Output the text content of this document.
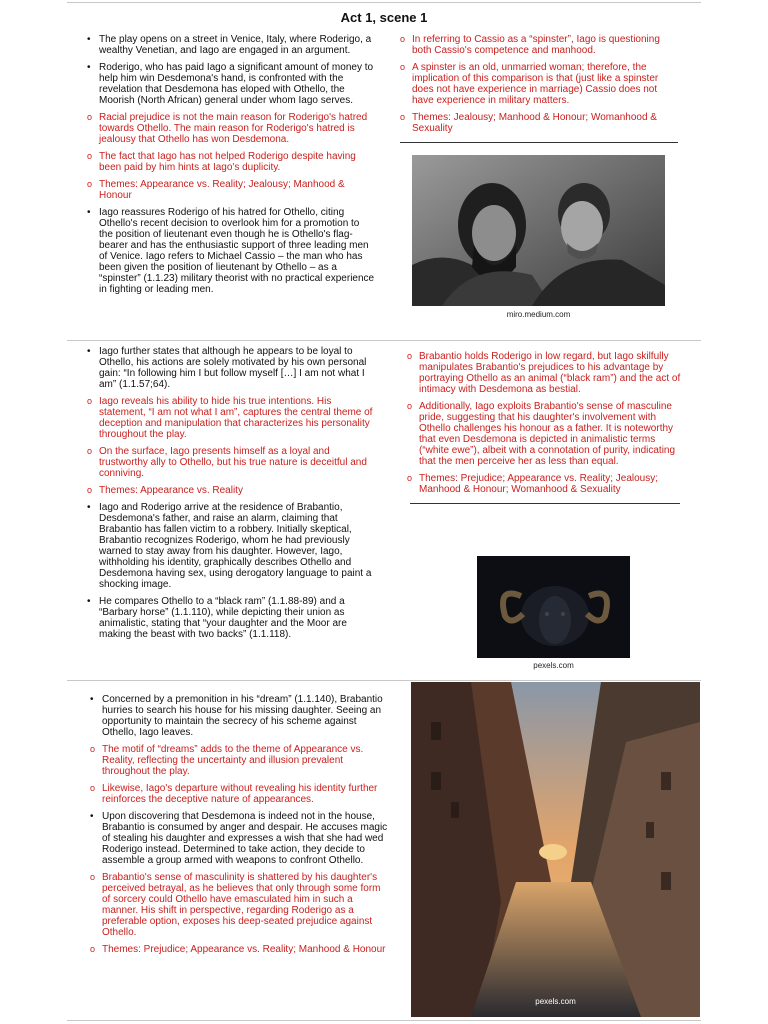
Act 1, scene 1
• The play opens on a street in Venice, Italy, where Roderigo, a wealthy Venetian, and Iago are engaged in an argument.
• Roderigo, who has paid Iago a significant amount of money to help him win Desdemona's hand, is confronted with the revelation that Desdemona has eloped with Othello, the Moorish (North African) general under whom Iago serves.
o Racial prejudice is not the main reason for Roderigo's hatred towards Othello. The main reason for Roderigo's hatred is jealousy that Othello has won Desdemona.
o The fact that Iago has not helped Roderigo despite having been paid by him hints at Iago's duplicity.
o Themes: Appearance vs. Reality; Jealousy; Manhood & Honour
• Iago reassures Roderigo of his hatred for Othello, citing Othello's recent decision to overlook him for a promotion to the position of lieutenant even though he is Othello's flag-bearer and has the enthusiastic support of three leading men of Venice. Iago refers to Michael Cassio – the man who has been given the position of lieutenant by Othello – as a “spinster” (1.1.23) military theorist with no practical experience in fighting or leading men.
o In referring to Cassio as a “spinster”, Iago is questioning both Cassio's competence and manhood.
o A spinster is an old, unmarried woman; therefore, the implication of this comparison is that (just like a spinster does not have experience in marriage) Cassio does not have experience in military matters.
o Themes: Jealousy; Manhood & Honour; Womanhood & Sexuality
miro.medium.com
• Iago further states that although he appears to be loyal to Othello, his actions are solely motivated by his own personal gain: “In following him I but follow myself […] I am not what I am” (1.1.57;64).
o Iago reveals his ability to hide his true intentions. His statement, “I am not what I am”, captures the central theme of deception and manipulation that characterizes his personality throughout the play.
o On the surface, Iago presents himself as a loyal and trustworthy ally to Othello, but his true nature is deceitful and conniving.
o Themes: Appearance vs. Reality
• Iago and Roderigo arrive at the residence of Brabantio, Desdemona's father, and raise an alarm, claiming that Brabantio has fallen victim to a robbery. Initially skeptical, Brabantio recognizes Roderigo, whom he had previously warned to stay away from his daughter. However, Iago, withholding his identity, graphically describes Othello and Desdemona having sex, using derogatory language to paint a shocking image.
• He compares Othello to a “black ram” (1.1.88-89) and a “Barbary horse” (1.1.110), while depicting their union as animalistic, stating that “your daughter and the Moor are making the beast with two backs” (1.1.118).
o Brabantio holds Roderigo in low regard, but Iago skilfully manipulates Brabantio's prejudices to his advantage by portraying Othello as an animal (“black ram”) and the act of intimacy with Desdemona as bestial.
o Additionally, Iago exploits Brabantio's sense of masculine pride, suggesting that his daughter's involvement with Othello challenges his honour as a father. It is noteworthy that even Desdemona is depicted in animalistic terms (“white ewe”), albeit with a connotation of purity, indicating that the men perceive her as less than equal.
o Themes: Prejudice; Appearance vs. Reality; Jealousy; Manhood & Honour; Womanhood & Sexuality
pexels.com
• Concerned by a premonition in his “dream” (1.1.140), Brabantio hurries to search his house for his missing daughter. Seeing an opportunity to maintain the secrecy of his scheme against Othello, Iago leaves.
o The motif of “dreams” adds to the theme of Appearance vs. Reality, reflecting the uncertainty and illusion prevalent throughout the play.
o Likewise, Iago's departure without revealing his identity further reinforces the deceptive nature of appearances.
• Upon discovering that Desdemona is indeed not in the house, Brabantio is consumed by anger and despair. He accuses magic of stealing his daughter and expresses a wish that she had wed Roderigo instead. Determined to take action, they decide to assemble a group armed with weapons to confront Othello.
o Brabantio's sense of masculinity is shattered by his daughter's perceived betrayal, as he believes that only through some form of sorcery could Othello have emasculated him in such a manner. His shift in perspective, regarding Roderigo as a preferable option, exposes his deep-seated prejudice against Othello.
o Themes: Prejudice; Appearance vs. Reality; Manhood & Honour
pexels.com
